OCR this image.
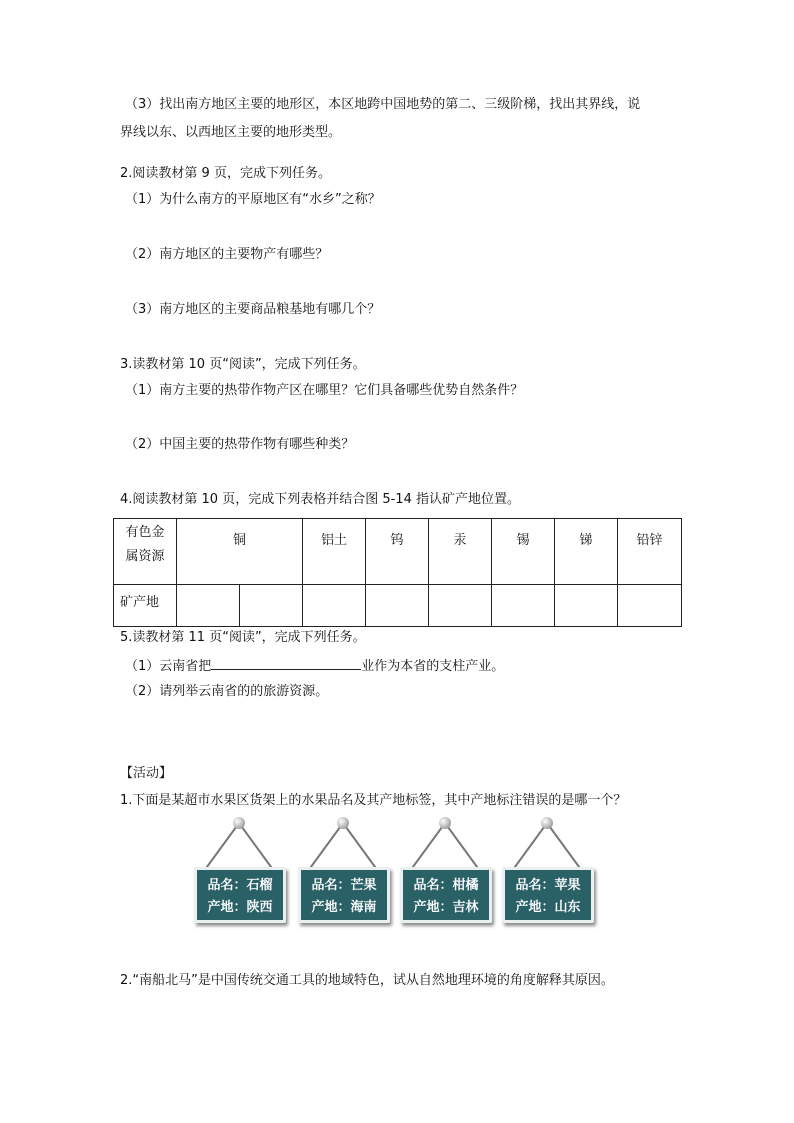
（3）找出南方地区主要的地形区，本区地跨中国地势的第二、三级阶梯，找出其界线，说
界线以东、以西地区主要的地形类型。
2.阅读教材第 9 页，完成下列任务。
（1）为什么南方的平原地区有“水乡”之称？
（2）南方地区的主要物产有哪些？
（3）南方地区的主要商品粮基地有哪几个？
3.读教材第 10 页“阅读”，完成下列任务。
（1）南方主要的热带作物产区在哪里？它们具备哪些优势自然条件？
（2）中国主要的热带作物有哪些种类？
4.阅读教材第 10 页，完成下列表格并结合图 5-14 指认矿产地位置。
有色金
属资源	铜		铝土	钨	汞	锡	锑	铅锌
矿产地								
5.读教材第 11 页“阅读”，完成下列任务。
（1）云南省把	业作为本省的支柱产业。
（2）请列举云南省的的旅游资源。
【活动】
1.下面是某超市水果区货架上的水果品名及其产地标签，其中产地标注错误的是哪一个？
品名：石榴
产地：陕西
品名：芒果
产地：海南
品名：柑橘
产地：吉林
品名：苹果
产地：山东
2.“南船北马”是中国传统交通工具的地域特色，试从自然地理环境的角度解释其原因。
